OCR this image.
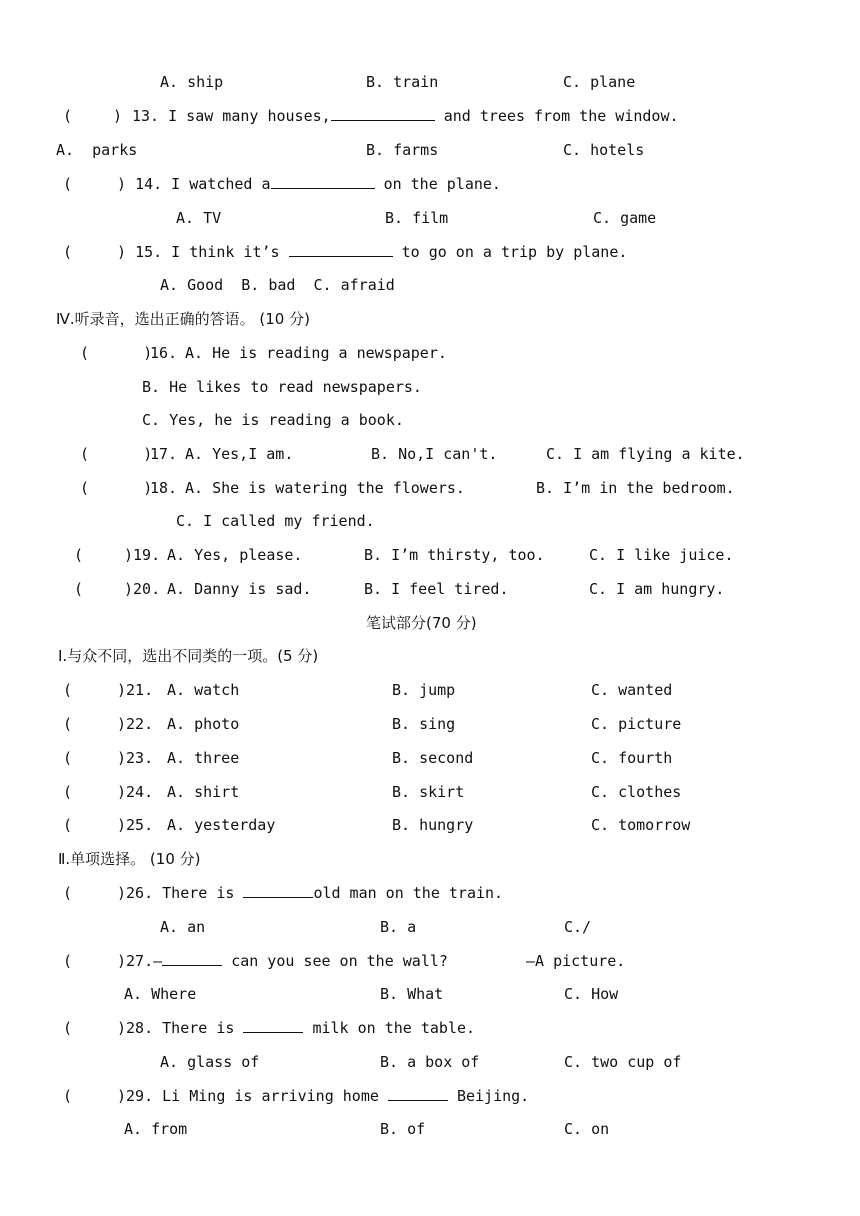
A. ship	B. train	C. plane
(	13. I saw many houses,	and trees from the window.
A.  parks	B. farms	C. hotels
(	) 14. I watched a	on the plane.
A. TV	B. film	C. game
(	) 15. I think it’s	to go on a trip by plane.
A. Good  B. bad  C. afraid
Ⅳ.听录音，选出正确的答语。 (10 分)
(      )
16. A. He is reading a newspaper.
B. He likes to read newspapers.
C. Yes, he is reading a book.
(      )
17. A. Yes,I am.	B. No,I can't.	C. I am flying a kite.
(      )
18. A. She is watering the flowers.	B. I’m in the bedroom.
C. I called my friend.
(
)19. A. Yes, please.	B. I’m thirsty, too.	C. I like juice.
(
)20. A. Danny is sad.	B. I feel tired.	C. I am hungry.
笔试部分(70 分)
Ⅰ.与众不同，选出不同类的一项。(5 分)
(
)21. A. watch	B. jump	C. wanted
(
)22. A. photo	B. sing	C. picture
(
)23. A. three	B. second	C. fourth
(
)24. A. shirt	B. skirt	C. clothes
(
)25. A. yesterday	B. hungry	C. tomorrow
Ⅱ.单项选择。 (10 分)
(
)26. There is	old man on the train.
A. an	B. a	C./
(
)27.—	can you see on the wall?	—A picture.
A. Where	B. What	C. How
(
)28. There is	milk on the table.
A. glass of	B. a box of	C. two cup of
(
)29. Li Ming is arriving home	Beijing.
A. from	B. of	C. on
)
